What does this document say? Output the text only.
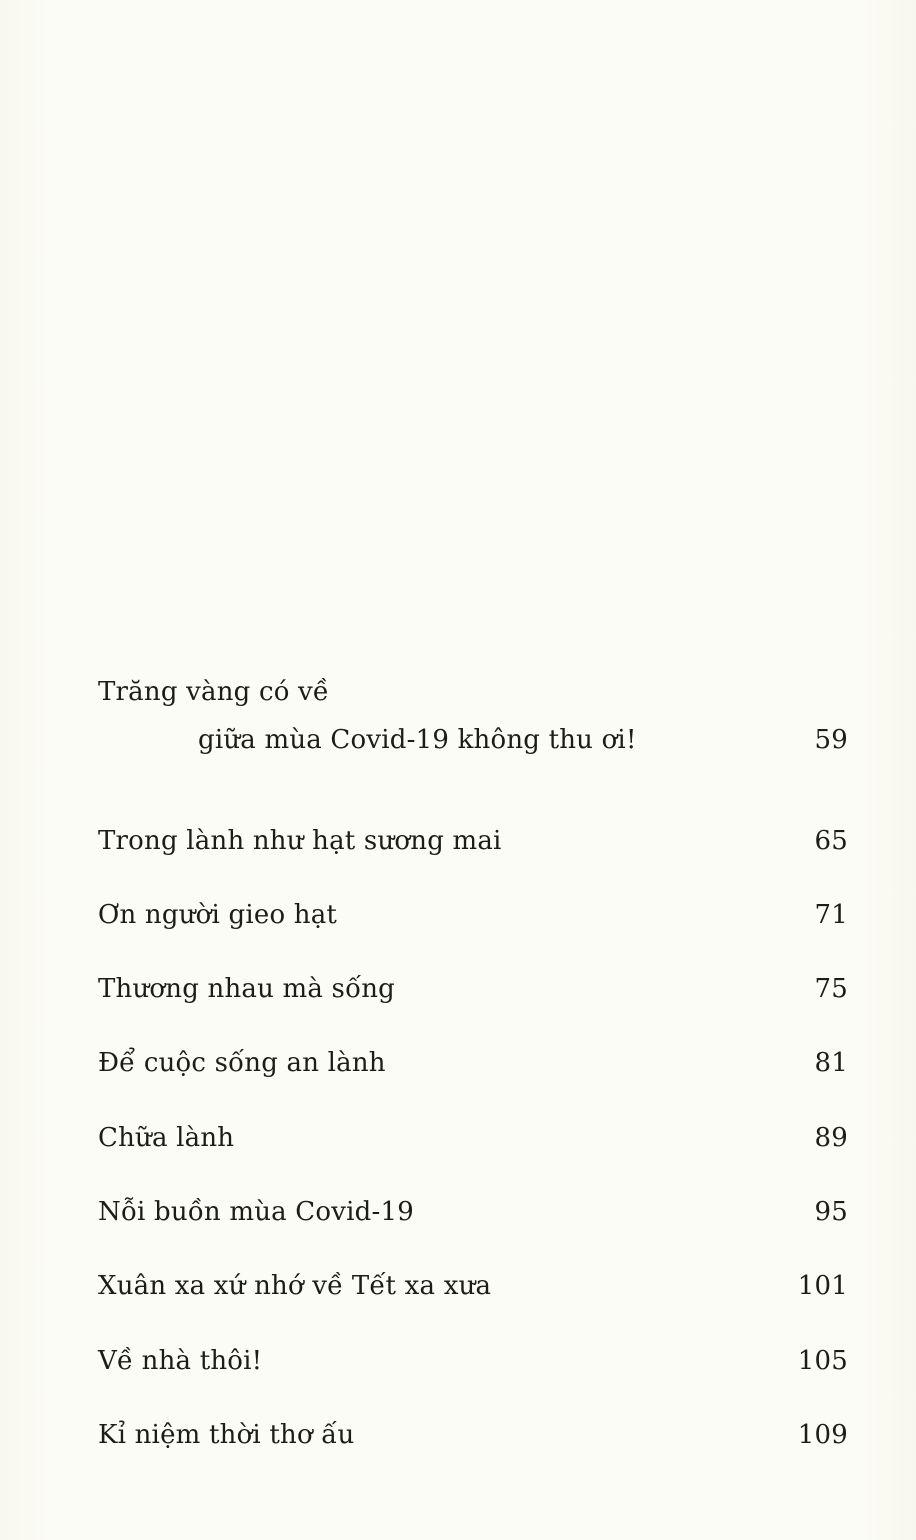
Trăng vàng có về
giữa mùa Covid-19 không thu ơi!	59
Trong lành như hạt sương mai	65
Ơn người gieo hạt	71
Thương nhau mà sống	75
Để cuộc sống an lành	81
Chữa lành	89
Nỗi buồn mùa Covid-19	95
Xuân xa xứ nhớ về Tết xa xưa	101
Về nhà thôi!	105
Kỉ niệm thời thơ ấu	109
